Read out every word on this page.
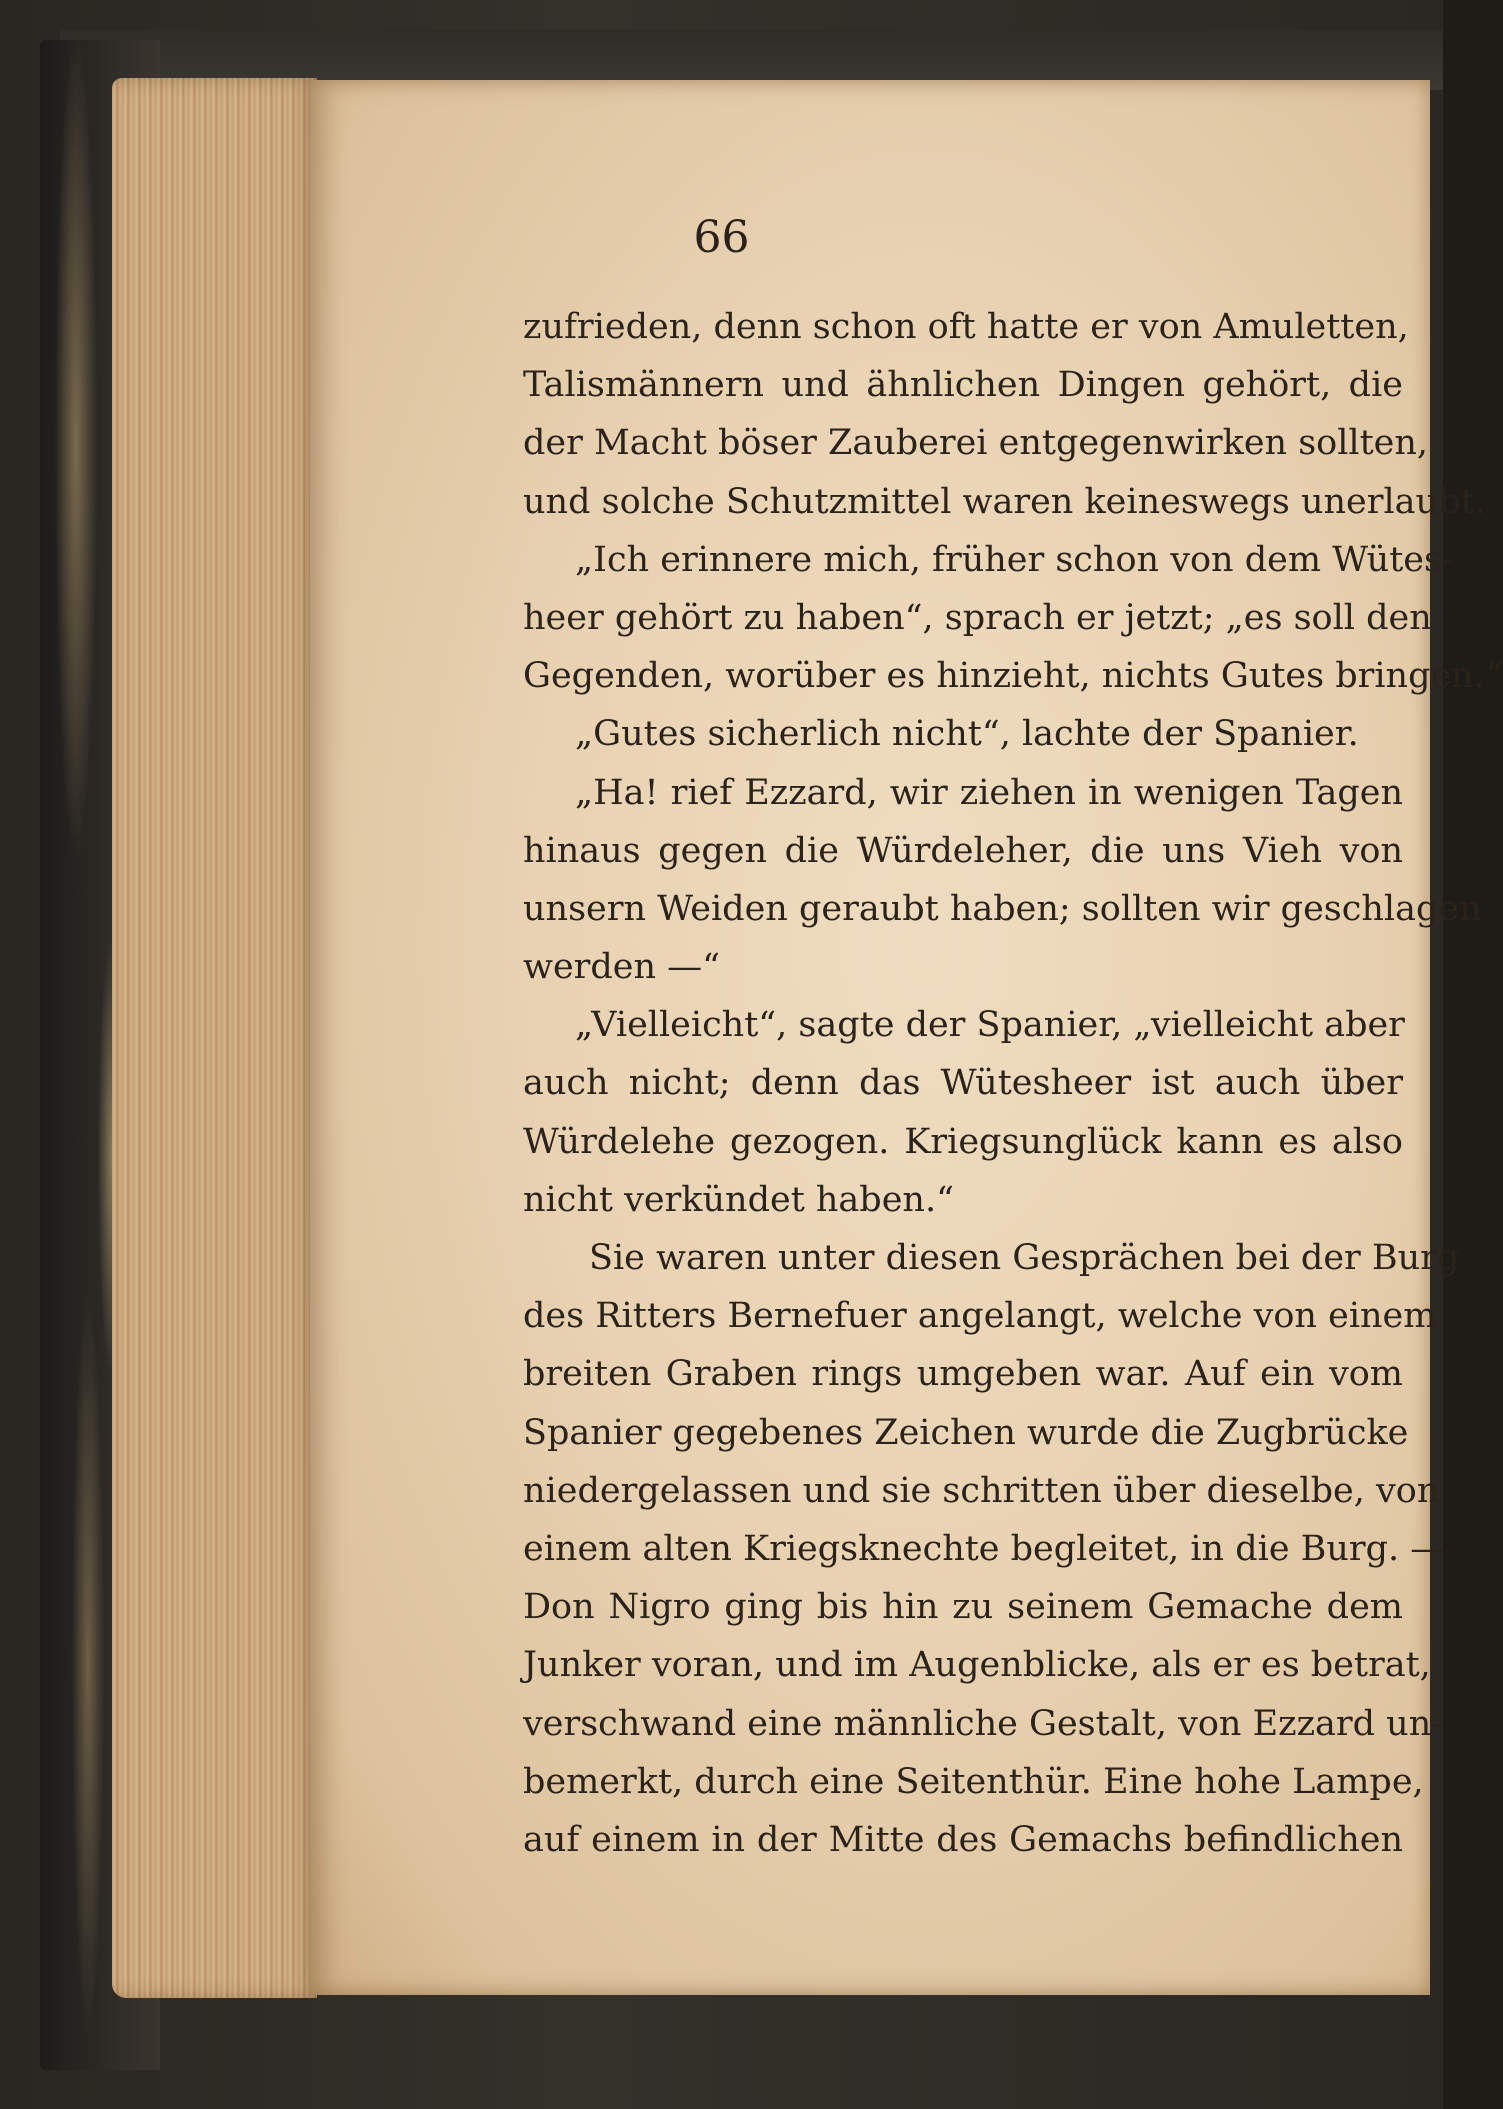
66
zufrieden, denn schon oft hatte er von Amuletten,
Talismännern und ähnlichen Dingen gehört, die
der Macht böser Zauberei entgegenwirken sollten,
und solche Schutzmittel waren keineswegs unerlaubt.
„Ich erinnere mich, früher schon von dem Wütes-
heer gehört zu haben“, sprach er jetzt; „es soll den
Gegenden, worüber es hinzieht, nichts Gutes bringen.“
„Gutes sicherlich nicht“, lachte der Spanier.
„Ha! rief Ezzard, wir ziehen in wenigen Tagen
hinaus gegen die Würdeleher, die uns Vieh von
unsern Weiden geraubt haben; sollten wir geschlagen
werden —“
„Vielleicht“, sagte der Spanier, „vielleicht aber
auch nicht; denn das Wütesheer ist auch über
Würdelehe gezogen. Kriegsunglück kann es also
nicht verkündet haben.“
Sie waren unter diesen Gesprächen bei der Burg
des Ritters Bernefuer angelangt, welche von einem
breiten Graben rings umgeben war. Auf ein vom
Spanier gegebenes Zeichen wurde die Zugbrücke
niedergelassen und sie schritten über dieselbe, von
einem alten Kriegsknechte begleitet, in die Burg. —
Don Nigro ging bis hin zu seinem Gemache dem
Junker voran, und im Augenblicke, als er es betrat,
verschwand eine männliche Gestalt, von Ezzard un-
bemerkt, durch eine Seitenthür. Eine hohe Lampe,
auf einem in der Mitte des Gemachs befindlichen
